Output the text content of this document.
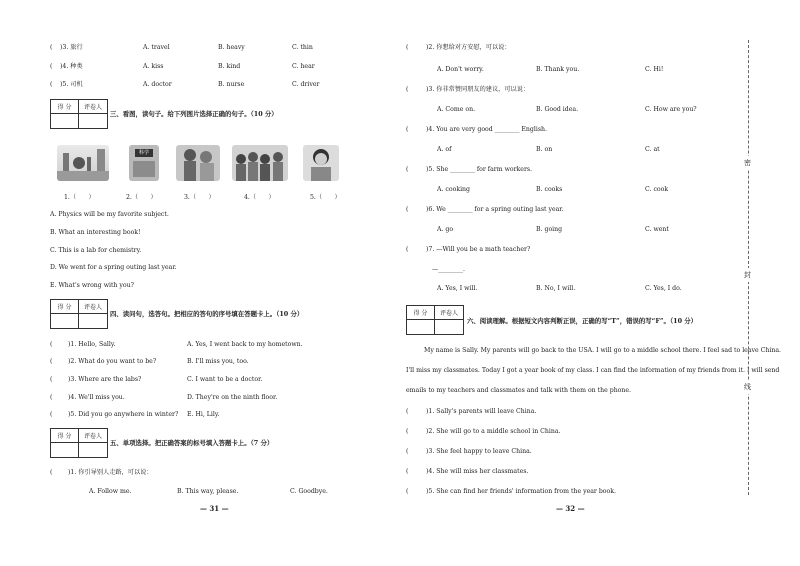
( )3. 旅行	A. travel	B. heavy	C. thin
( )4. 种类	A. kiss	B. kind	C. hear
( )5. 司机	A. doctor	B. nurse	C. driver
得 分	评卷人
三、看图，读句子。给下列图片选择正确的句子。（10 分）
科学
1.（　　）	2.（　　）	3.（　　）	4.（　　）	5.（　　）
A. Physics will be my favorite subject.
B. What an interesting book!
C. This is a lab for chemistry.
D. We went for a spring outing last year.
E. What's wrong with you?
得 分	评卷人
四、读问句，选答句。把相应的答句的序号填在答题卡上。（10 分）
(	)1. Hello, Sally.	A. Yes, I went back to my hometown.
(	)2. What do you want to be?	B. I'll miss you, too.
(	)3. Where are the labs?	C. I want to be a doctor.
(	)4. We'll miss you.	D. They're on the ninth floor.
(	)5. Did you go anywhere in winter? E. Hi, Lily.
得 分	评卷人
五、单项选择。把正确答案的标号填入答题卡上。（7 分）
(	)1. 你引导别人走路，可以说：
A. Follow me.	B. This way, please.	C. Goodbye.
— 31 —
(	)2. 你想给对方安慰，可以说：
A. Don't worry.	B. Thank you.	C. Hi!
(	)3. 你非常赞同朋友的建议，可以说：
A. Come on.	B. Good idea.	C. How are you?
(	)4. You are very good ________ English.
A. of	B. on	C. at
(	)5. She ________ for farm workers.
A. cooking	B. cooks	C. cook
(	)6. We ________ for a spring outing last year.
A. go	B. going	C. went
(	)7. —Will you be a math teacher?
—________.
A. Yes, I will.	B. No, I will.	C. Yes, I do.
得 分	评卷人
六、阅读理解。根据短文内容判断正误，正确的写“T”，错误的写“F”。（10 分）
My name is Sally. My parents will go back to the USA. I will go to a middle school there. I feel sad to leave China.
I'll miss my classmates. Today I got a year book of my class. I can find the information of my friends from it. I will send
emails to my teachers and classmates and talk with them on the phone.
(	)1. Sally's parents will leave China.
(	)2. She will go to a middle school in China.
(	)3. She feel happy to leave China.
(	)4. She will miss her classmates.
(	)5. She can find her friends' information from the year book.
— 32 —
密
封
线
